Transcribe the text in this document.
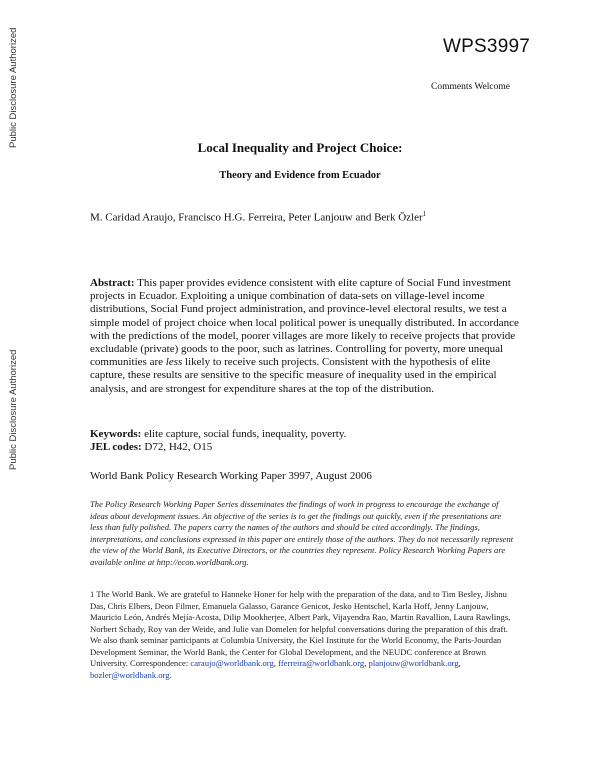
Public Disclosure Authorized
Public Disclosure Authorized
WPS3997
Comments Welcome
Local Inequality and Project Choice:
Theory and Evidence from Ecuador
M. Caridad Araujo, Francisco H.G. Ferreira, Peter Lanjouw and Berk Özler$^1$

Abstract: This paper provides evidence consistent with elite capture of Social Fund investment projects in Ecuador. Exploiting a unique combination of data-sets on village-level income distributions, Social Fund project administration, and province-level electoral results, we test a simple model of project choice when local political power is unequally distributed. In accordance with the predictions of the model, poorer villages are more likely to receive projects that provide excludable (private) goods to the poor, such as latrines. Controlling for poverty, more unequal communities are less likely to receive such projects. Consistent with the hypothesis of elite capture, these results are sensitive to the specific measure of inequality used in the empirical analysis, and are strongest for expenditure shares at the top of the distribution.

Keywords: elite capture, social funds, inequality, poverty.
JEL codes: D72, H42, O15
World Bank Policy Research Working Paper 3997, August 2006
The Policy Research Working Paper Series disseminates the findings of work in progress to encourage the exchange of ideas about development issues. An objective of the series is to get the findings out quickly, even if the presentations are less than fully polished. The papers carry the names of the authors and should be cited accordingly. The findings, interpretations, and conclusions expressed in this paper are entirely those of the authors. They do not necessarily represent the view of the World Bank, its Executive Directors, or the countries they represent. Policy Research Working Papers are available online at http://econ.worldbank.org.
1 The World Bank. We are grateful to Hanneke Honer for help with the preparation of the data, and to Tim Besley, Jishnu Das, Chris Elbers, Deon Filmer, Emanuela Galasso, Garance Genicot, Jesko Hentschel, Karla Hoff, Jenny Lanjouw, Mauricio León, Andrés Mejía-Acosta, Dilip Mookherjee, Albert Park, Vijayendra Rao, Martin Ravallion, Laura Rawlings, Norbert Schady, Roy van der Weide, and Julie van Domelen for helpful conversations during the preparation of this draft. We also thank seminar participants at Columbia University, the Kiel Institute for the World Economy, the Paris-Jourdan Development Seminar, the World Bank, the Center for Global Development, and the NEUDC conference at Brown University. Correspondence: caraujo@worldbank.org, fferreira@worldbank.org, planjouw@worldbank.org, bozler@worldbank.org.
